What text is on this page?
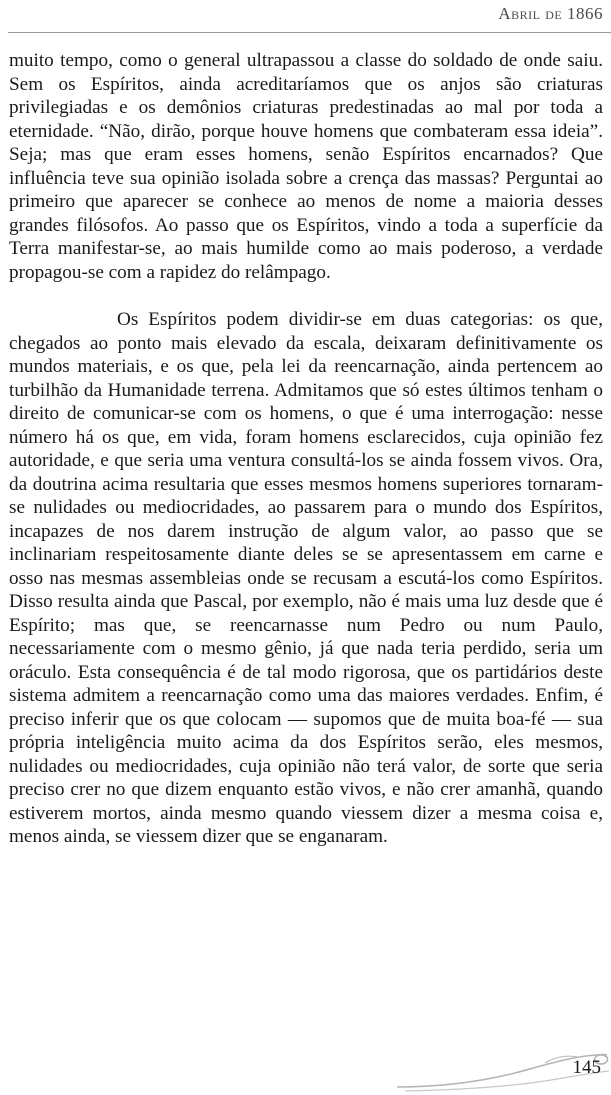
Abril de 1866

muito tempo, como o general ultrapassou a classe do soldado de onde saiu. Sem os Espíritos, ainda acreditaríamos que os anjos são criaturas privilegiadas e os demônios criaturas predestinadas ao mal por toda a eternidade. “Não, dirão, porque houve homens que combateram essa ideia”. Seja; mas que eram esses homens, senão Espíritos encarnados? Que influência teve sua opinião isolada sobre a crença das massas? Perguntai ao primeiro que aparecer se conhece ao menos de nome a maioria desses grandes filósofos. Ao passo que os Espíritos, vindo a toda a superfície da Terra manifestar-se, ao mais humilde como ao mais poderoso, a verdade propagou-se com a rapidez do relâmpago.

Os Espíritos podem dividir-se em duas categorias: os que, chegados ao ponto mais elevado da escala, deixaram definitivamente os mundos materiais, e os que, pela lei da reencarnação, ainda pertencem ao turbilhão da Humanidade terrena. Admitamos que só estes últimos tenham o direito de comunicar-se com os homens, o que é uma interrogação: nesse número há os que, em vida, foram homens esclarecidos, cuja opinião fez autoridade, e que seria uma ventura consultá-los se ainda fossem vivos. Ora, da doutrina acima resultaria que esses mesmos homens superiores tornaram-se nulidades ou mediocridades, ao passarem para o mundo dos Espíritos, incapazes de nos darem instrução de algum valor, ao passo que se inclinariam respeitosamente diante deles se se apresentassem em carne e osso nas mesmas assembleias onde se recusam a escutá-los como Espíritos. Disso resulta ainda que Pascal, por exemplo, não é mais uma luz desde que é Espírito; mas que, se reencarnasse num Pedro ou num Paulo, necessariamente com o mesmo gênio, já que nada teria perdido, seria um oráculo. Esta consequência é de tal modo rigorosa, que os partidários deste sistema admitem a reencarnação como uma das maiores verdades. Enfim, é preciso inferir que os que colocam — supomos que de muita boa-fé — sua própria inteligência muito acima da dos Espíritos serão, eles mesmos, nulidades ou mediocridades, cuja opinião não terá valor, de sorte que seria preciso crer no que dizem enquanto estão vivos, e não crer amanhã, quando estiverem mortos, ainda mesmo quando viessem dizer a mesma coisa e, menos ainda, se viessem dizer que se enganaram.

145
